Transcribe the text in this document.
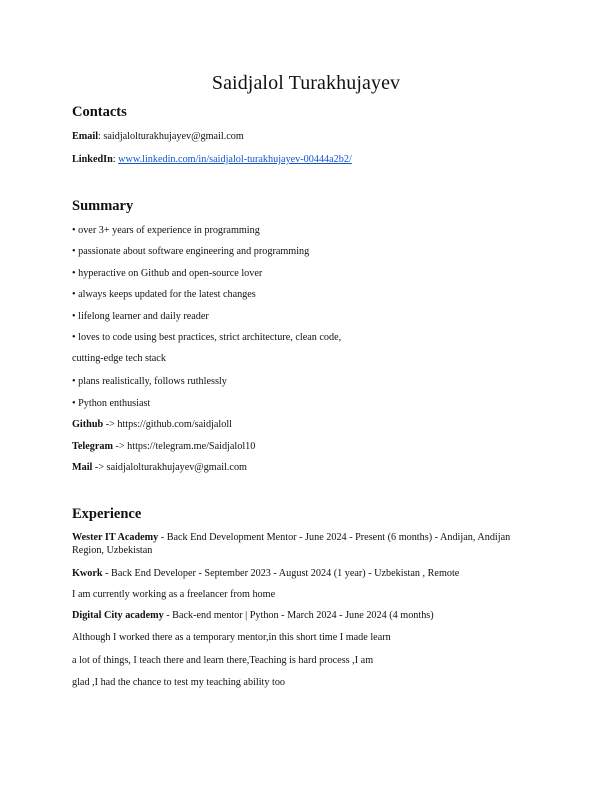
Saidjalol Turakhujayev
Contacts
Email: saidjalolturakhujayev@gmail.com
LinkedIn: www.linkedin.com/in/saidjalol-turakhujayev-00444a2b2/
Summary
• over 3+ years of experience in programming
• passionate about software engineering and programming
• hyperactive on Github and open-source lover
• always keeps updated for the latest changes
• lifelong learner and daily reader
• loves to code using best practices, strict architecture, clean code,
cutting-edge tech stack
• plans realistically, follows ruthlessly
• Python enthusiast
Github -> https://github.com/saidjaloll
Telegram -> https://telegram.me/Saidjalol10
Mail -> saidjalolturakhujayev@gmail.com
Experience
Wester IT Academy - Back End Development Mentor - June 2024 - Present (6 months) - Andijan, Andijan Region, Uzbekistan
Kwork - Back End Developer - September 2023 - August 2024 (1 year) - Uzbekistan , Remote
I am currently working as a freelancer from home
Digital City academy - Back-end mentor | Python - March 2024 - June 2024 (4 months)
Although I worked there as a temporary mentor,in this short time I made learn
a lot of things, I teach there and learn there,Teaching is hard process ,I am
glad ,I had the chance to test my teaching ability too
